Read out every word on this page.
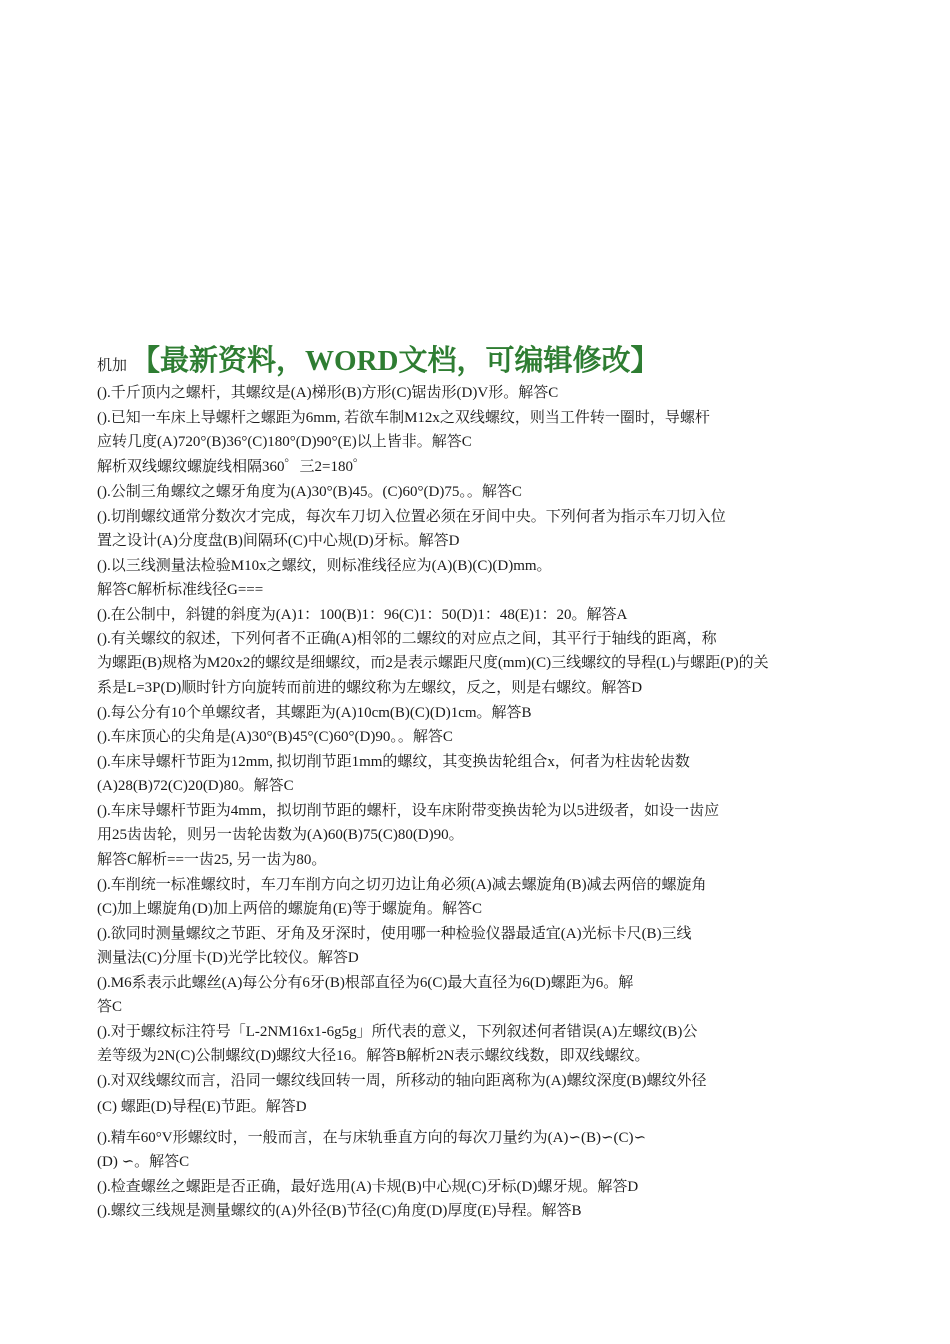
机加 【最新资料，WORD文档，可编辑修改】
().千斤顶内之螺杆，其螺纹是(A)梯形(B)方形(C)锯齿形(D)V形。解答C
().已知一车床上导螺杆之螺距为6mm, 若欲车制M12x之双线螺纹，则当工件转一圈时，导螺杆
应转几度(A)720°(B)36°(C)180°(D)90°(E)以上皆非。解答C
解析双线螺纹螺旋线相隔360゜三2=180゜
().公制三角螺纹之螺牙角度为(A)30°(B)45。(C)60°(D)75。。解答C
().切削螺纹通常分数次才完成，每次车刀切入位置必须在牙间中央。下列何者为指示车刀切入位
置之设计(A)分度盘(B)间隔环(C)中心规(D)牙标。解答D
().以三线测量法检验M10x之螺纹，则标准线径应为(A)(B)(C)(D)mm。
解答C解析标准线径G===
().在公制中，斜键的斜度为(A)1：100(B)1：96(C)1：50(D)1：48(E)1：20。解答A
().有关螺纹的叙述，下列何者不正确(A)相邻的二螺纹的对应点之间，其平行于轴线的距离，称
为螺距(B)规格为M20x2的螺纹是细螺纹，而2是表示螺距尺度(mm)(C)三线螺纹的导程(L)与螺距(P)的关
系是L=3P(D)顺时针方向旋转而前进的螺纹称为左螺纹，反之，则是右螺纹。解答D
().每公分有10个单螺纹者，其螺距为(A)10cm(B)(C)(D)1cm。解答B
().车床顶心的尖角是(A)30°(B)45°(C)60°(D)90。。解答C
().车床导螺杆节距为12mm, 拟切削节距1mm的螺纹，其变换齿轮组合x，何者为柱齿轮齿数
(A)28(B)72(C)20(D)80。解答C
().车床导螺杆节距为4mm，拟切削节距的螺杆，设车床附带变换齿轮为以5进级者，如设一齿应
用25齿齿轮，则另一齿轮齿数为(A)60(B)75(C)80(D)90。
解答C解析==一齿25, 另一齿为80。
().车削统一标准螺纹时，车刀车削方向之切刃边让角必须(A)减去螺旋角(B)减去两倍的螺旋角
(C)加上螺旋角(D)加上两倍的螺旋角(E)等于螺旋角。解答C
().欲同时测量螺纹之节距、牙角及牙深时，使用哪一种检验仪器最适宜(A)光标卡尺(B)三线
测量法(C)分厘卡(D)光学比较仪。解答D
().M6系表示此螺丝(A)每公分有6牙(B)根部直径为6(C)最大直径为6(D)螺距为6。解
答C
().对于螺纹标注符号「L-2NM16x1-6g5g」所代表的意义，下列叙述何者错误(A)左螺纹(B)公
差等级为2N(C)公制螺纹(D)螺纹大径16。解答B解析2N表示螺纹线数，即双线螺纹。
().对双线螺纹而言，沿同一螺纹线回转一周，所移动的轴向距离称为(A)螺纹深度(B)螺纹外径
(C) 螺距(D)导程(E)节距。解答D
().精车60°V形螺纹时，一般而言，在与床轨垂直方向的每次刀量约为(A)∽(B)∽(C)∽
(D) ∽。解答C
().检查螺丝之螺距是否正确，最好选用(A)卡规(B)中心规(C)牙标(D)螺牙规。解答D
().螺纹三线规是测量螺纹的(A)外径(B)节径(C)角度(D)厚度(E)导程。解答B
